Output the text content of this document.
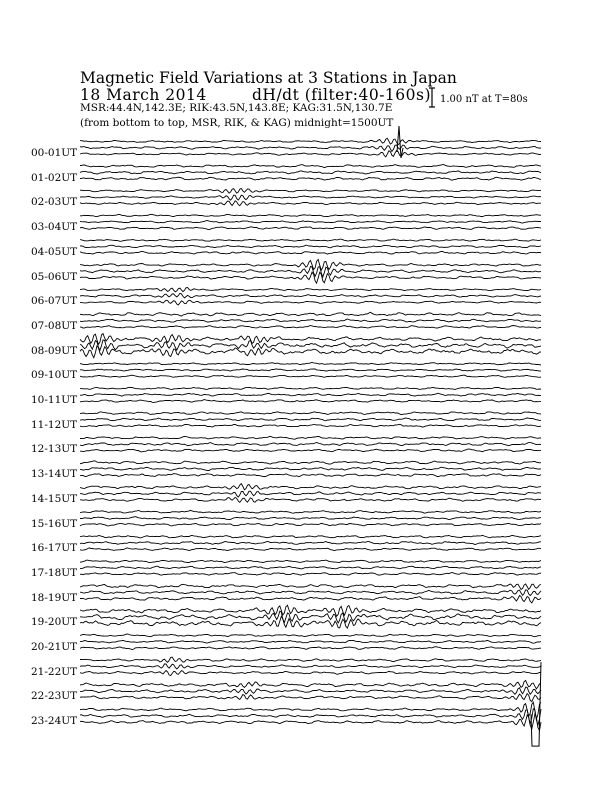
Magnetic Field Variations at 3 Stations in Japan
18 March 2014	dH/dt (filter:40-160s)
MSR:44.4N,142.3E; RIK:43.5N,143.8E; KAG:31.5N,130.7E
(from bottom to top, MSR, RIK, & KAG) midnight=1500UT
1.00 nT at T=80s
00-01UT
01-02UT
02-03UT
03-04UT
04-05UT
05-06UT
06-07UT
07-08UT
08-09UT
09-10UT
10-11UT
11-12UT
12-13UT
13-14UT
14-15UT
15-16UT
16-17UT
17-18UT
18-19UT
19-20UT
20-21UT
21-22UT
22-23UT
23-24UT
